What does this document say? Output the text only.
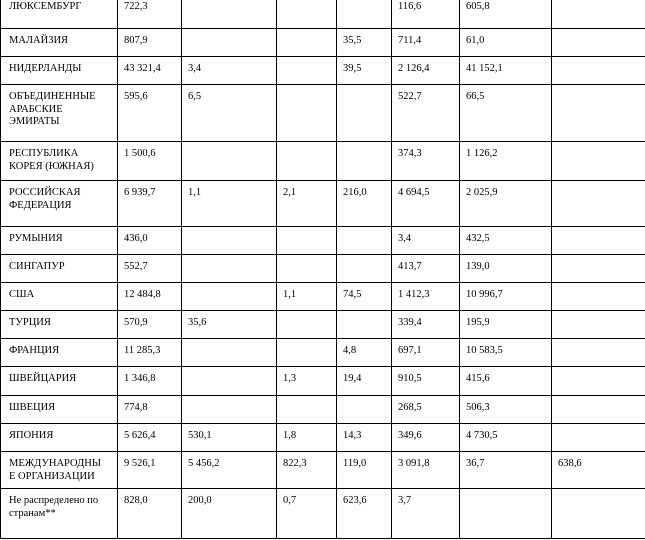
ЛЮКСЕМБУРГ	722,3				116,6	605,8	
МАЛАЙЗИЯ	807,9			35,5	711,4	61,0	
НИДЕРЛАНДЫ	43 321,4	3,4		39,5	2 126,4	41 152,1	
ОБЪЕДИНЕННЫЕ
АРАБСКИЕ
ЭМИРАТЫ	595,6	6,5			522,7	66,5	
РЕСПУБЛИКА
КОРЕЯ (ЮЖНАЯ)	1 500,6				374,3	1 126,2	
РОССИЙСКАЯ
ФЕДЕРАЦИЯ	6 939,7	1,1	2,1	216,0	4 694,5	2 025,9	
РУМЫНИЯ	436,0				3,4	432,5	
СИНГАПУР	552,7				413,7	139,0	
США	12 484,8		1,1	74,5	1 412,3	10 996,7	
ТУРЦИЯ	570,9	35,6			339,4	195,9	
ФРАНЦИЯ	11 285,3			4,8	697,1	10 583,5	
ШВЕЙЦАРИЯ	1 346,8		1,3	19,4	910,5	415,6	
ШВЕЦИЯ	774,8				268,5	506,3	
ЯПОНИЯ	5 626,4	530,1	1,8	14,3	349,6	4 730,5	
МЕЖДУНАРОДНЫ
Е ОРГАНИЗАЦИИ	9 526,1	5 456,2	822,3	119,0	3 091,8	36,7	638,6
Не распределено по
странам**	828,0	200,0	0,7	623,6	3,7		
